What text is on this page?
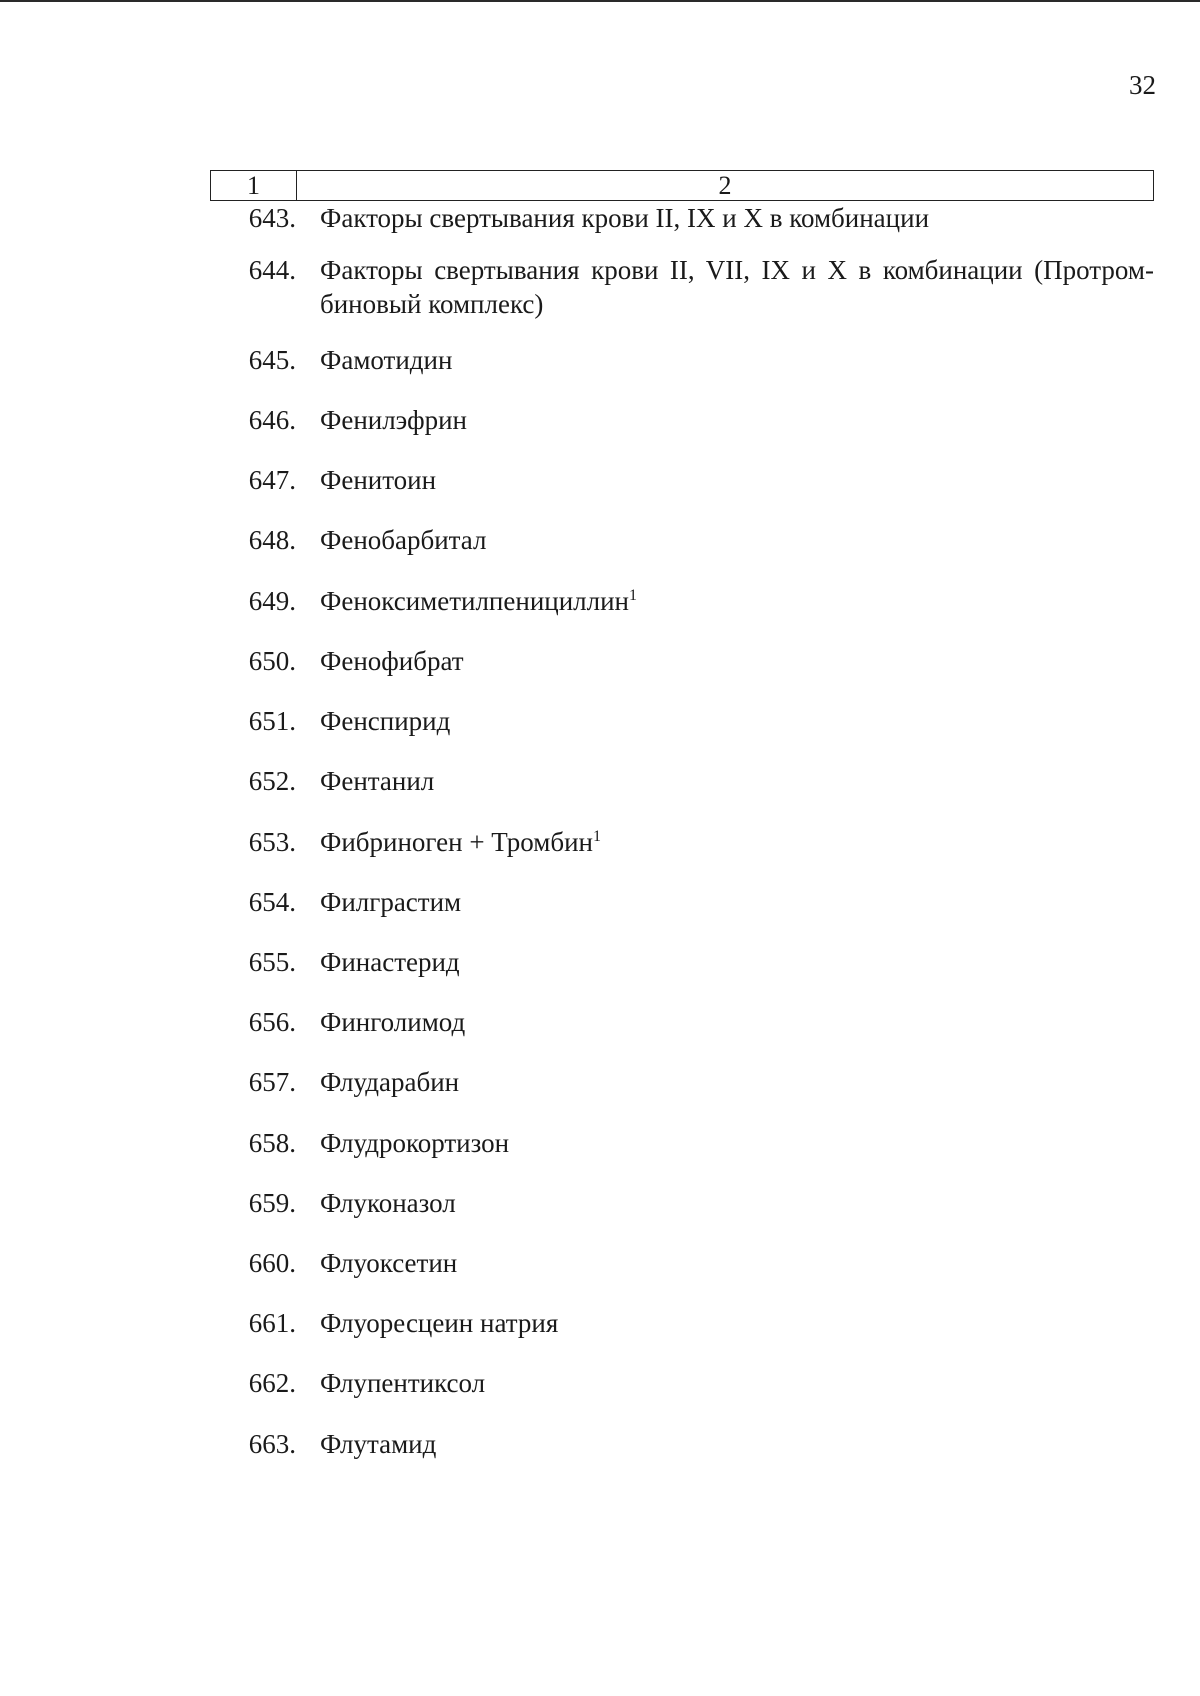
32
1	2
643. Факторы свертывания крови II, IX и X в комбинации
644. Факторы свертывания крови II, VII, IX и X в комбинации (Протром-биновый комплекс)
645. Фамотидин
646. Фенилэфрин
647. Фенитоин
648. Фенобарбитал
649. Феноксиметилпенициллин$^1$
650. Фенофибрат
651. Фенспирид
652. Фентанил
653. Фибриноген + Тромбин$^1$
654. Филграстим
655. Финастерид
656. Финголимод
657. Флударабин
658. Флудрокортизон
659. Флуконазол
660. Флуоксетин
661. Флуоресцеин натрия
662. Флупентиксол
663. Флутамид
